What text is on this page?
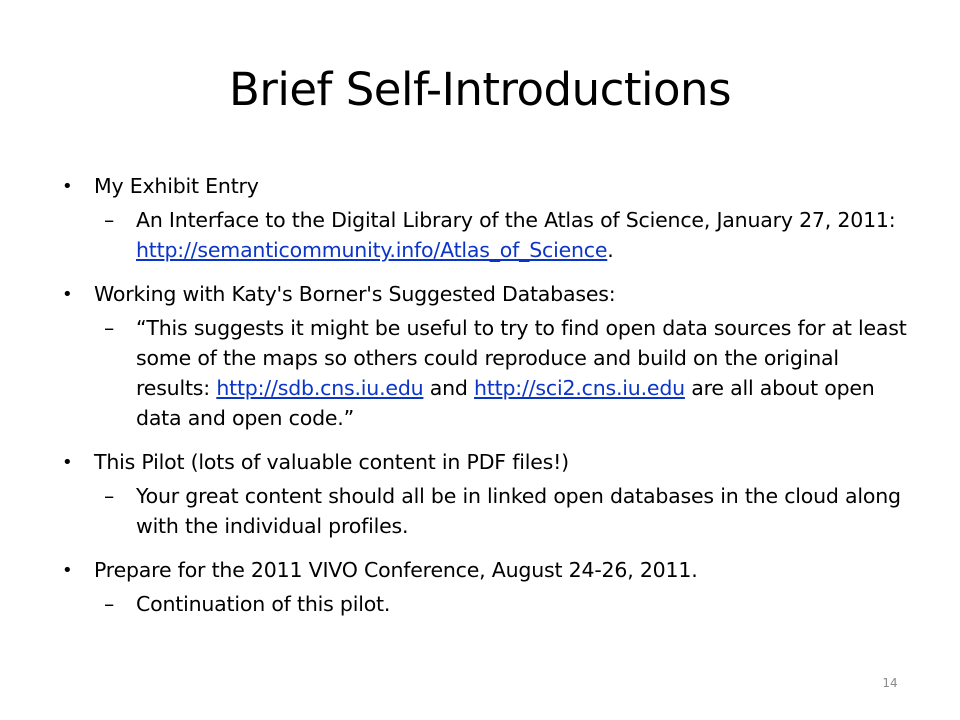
Brief Self-Introductions
•	My Exhibit Entry
– An Interface to the Digital Library of the Atlas of Science, January 27, 2011: http://semanticommunity.info/Atlas_of_Science.
•	Working with Katy's Borner's Suggested Databases:
– “This suggests it might be useful to try to find open data sources for at least some of the maps so others could reproduce and build on the original results: http://sdb.cns.iu.edu and http://sci2.cns.iu.edu are all about open data and open code.”
•	This Pilot (lots of valuable content in PDF files!)
– Your great content should all be in linked open databases in the cloud along with the individual profiles.
•	Prepare for the 2011 VIVO Conference, August 24-26, 2011.
– Continuation of this pilot.
14
